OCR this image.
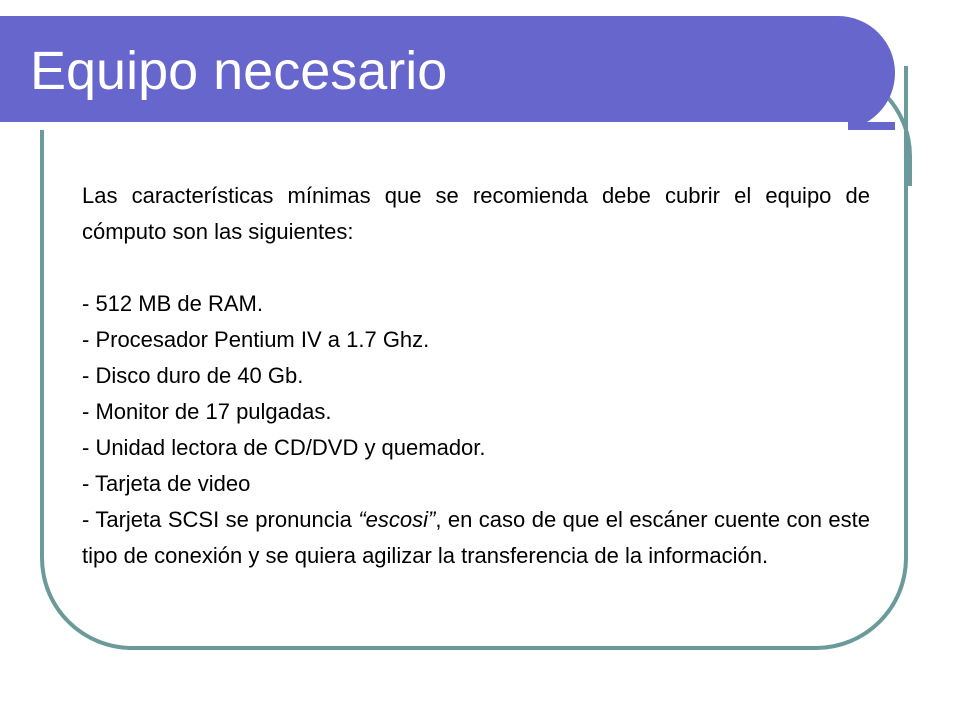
Equipo necesario

Las características mínimas que se recomienda debe cubrir el equipo de cómputo son las siguientes:

- 512 MB de RAM.

- Procesador Pentium IV a 1.7 Ghz.

- Disco duro de 40 Gb.

- Monitor de 17 pulgadas.

- Unidad lectora de CD/DVD y quemador.

- Tarjeta de video

- Tarjeta SCSI se pronuncia “escosi”, en caso de que el escáner cuente con este tipo de conexión y se quiera agilizar la transferencia de la información.
